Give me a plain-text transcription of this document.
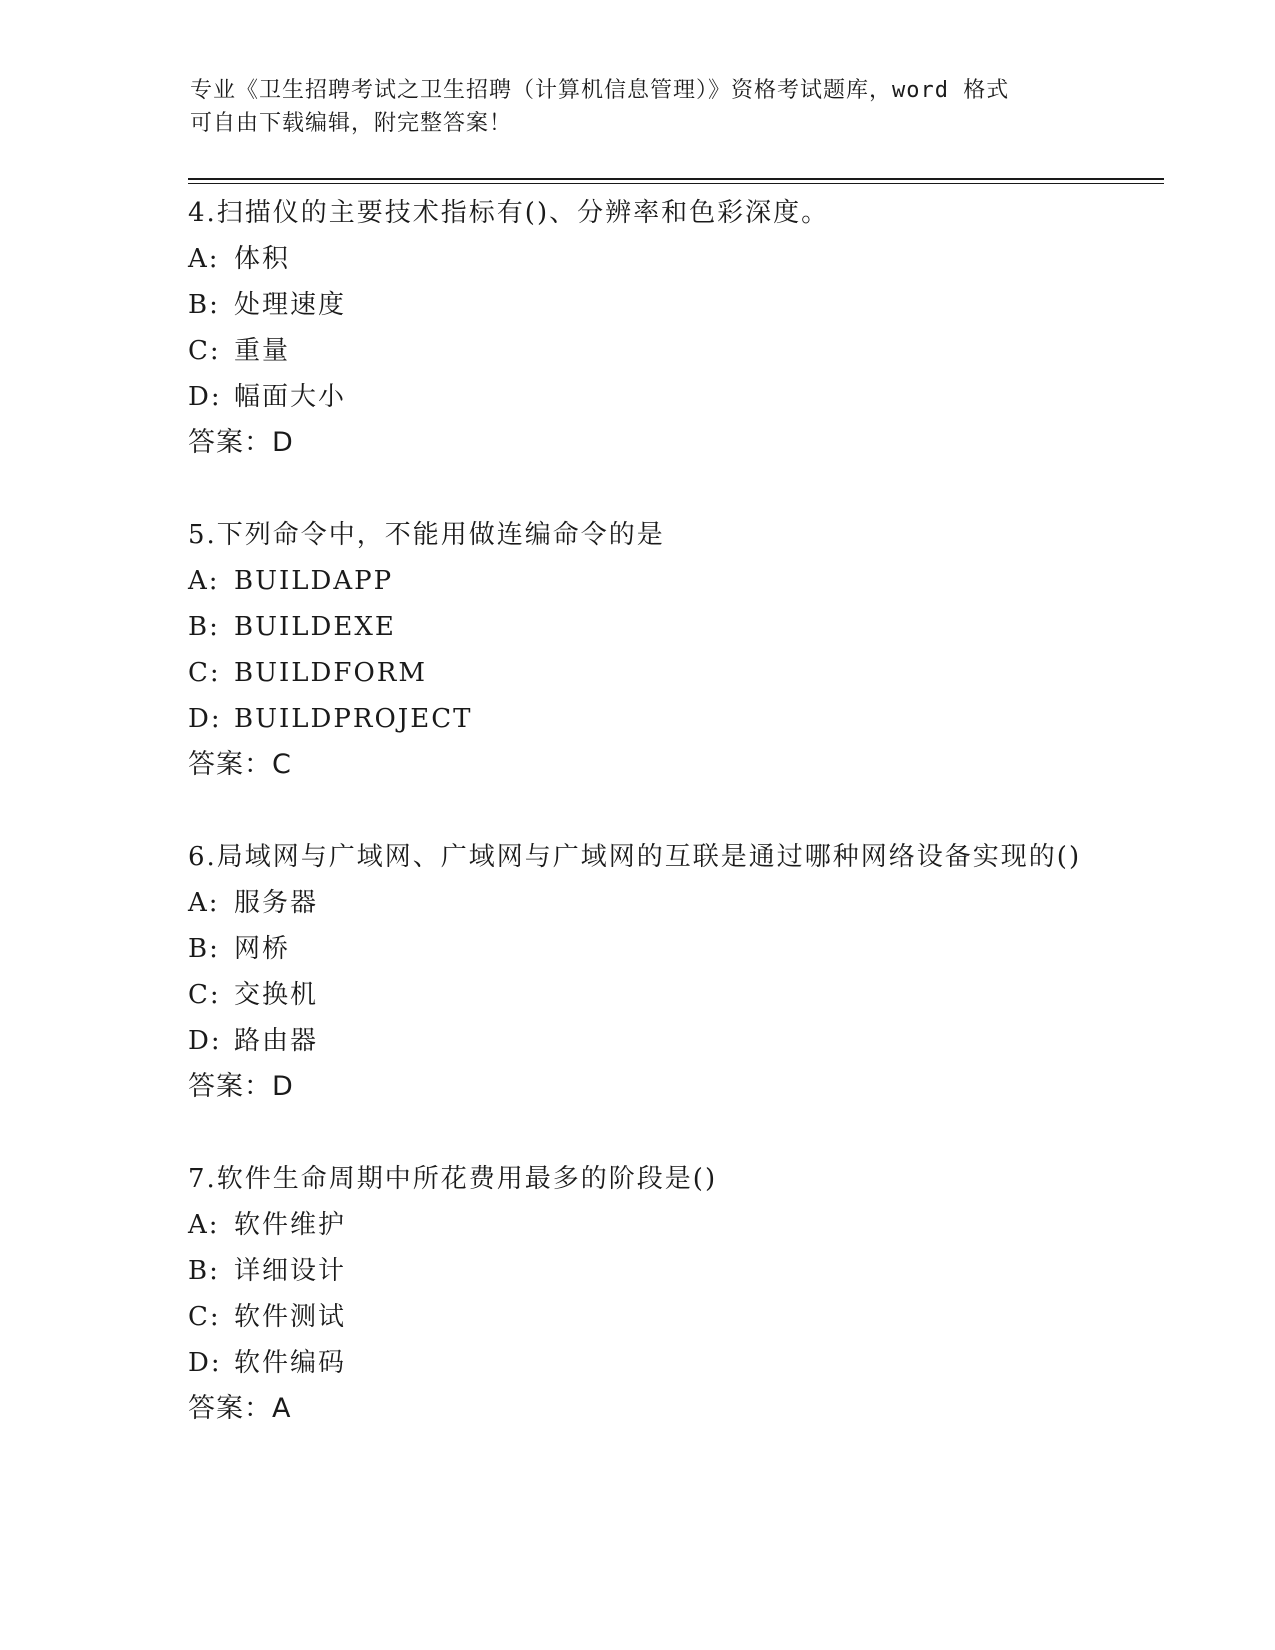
专业《卫生招聘考试之卫生招聘（计算机信息管理）》资格考试题库，word 格式
可自由下载编辑，附完整答案！
4.扫描仪的主要技术指标有()、分辨率和色彩深度。
A: 体积
B: 处理速度
C: 重量
D: 幅面大小
答案：D
5.下列命令中，不能用做连编命令的是
A: BUILDAPP
B: BUILDEXE
C: BUILDFORM
D: BUILDPROJECT
答案：C
6.局域网与广域网、广域网与广域网的互联是通过哪种网络设备实现的()
A: 服务器
B: 网桥
C: 交换机
D: 路由器
答案：D
7.软件生命周期中所花费用最多的阶段是()
A: 软件维护
B: 详细设计
C: 软件测试
D: 软件编码
答案：A
